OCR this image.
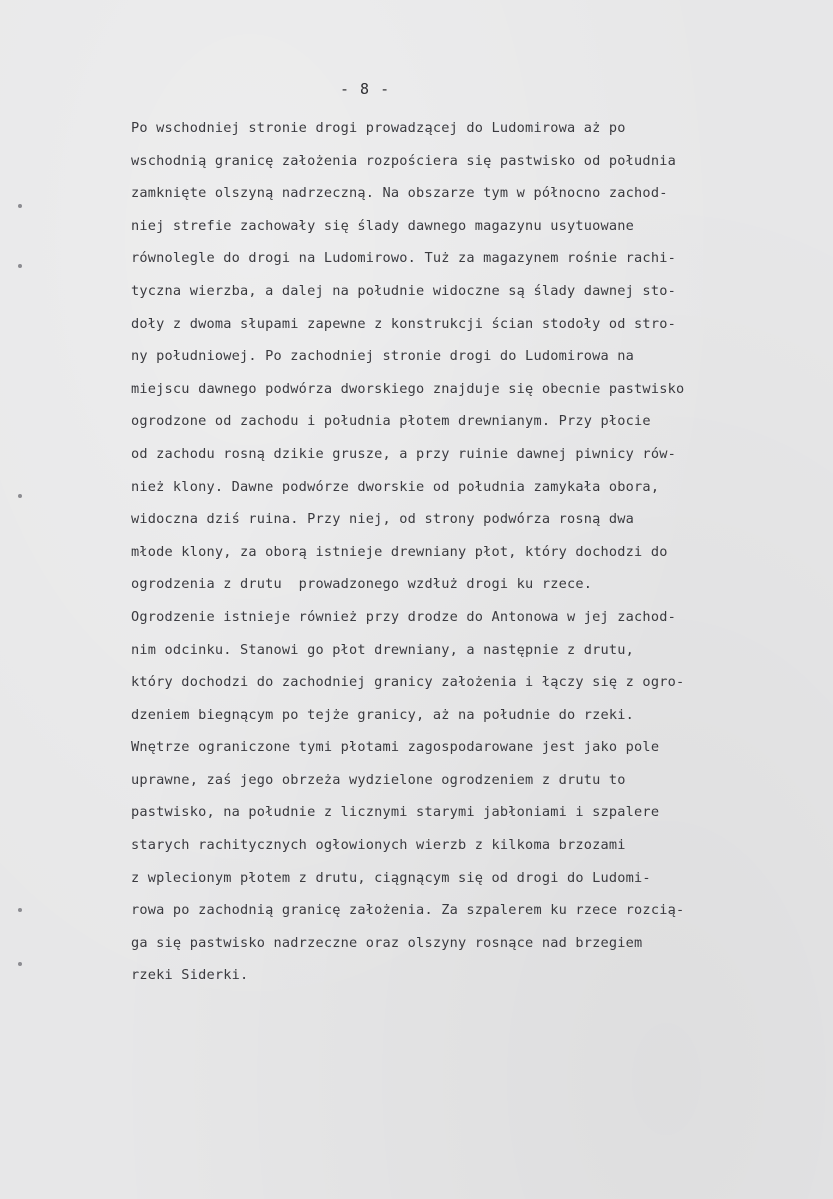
- 8 -
Po wschodniej stronie drogi prowadzącej do Ludomirowa aż po
wschodnią granicę założenia rozpościera się pastwisko od południa
zamknięte olszyną nadrzeczną. Na obszarze tym w północno zachod-
niej strefie zachowały się ślady dawnego magazynu usytuowane
równolegle do drogi na Ludomirowo. Tuż za magazynem rośnie rachi-
tyczna wierzba, a dalej na południe widoczne są ślady dawnej sto-
doły z dwoma słupami zapewne z konstrukcji ścian stodoły od stro-
ny południowej. Po zachodniej stronie drogi do Ludomirowa na
miejscu dawnego podwórza dworskiego znajduje się obecnie pastwisko
ogrodzone od zachodu i południa płotem drewnianym. Przy płocie
od zachodu rosną dzikie grusze, a przy ruinie dawnej piwnicy rów-
nież klony. Dawne podwórze dworskie od południa zamykała obora,
widoczna dziś ruina. Przy niej, od strony podwórza rosną dwa
młode klony, za oborą istnieje drewniany płot, który dochodzi do
ogrodzenia z drutu  prowadzonego wzdłuż drogi ku rzece.
Ogrodzenie istnieje również przy drodze do Antonowa w jej zachod-
nim odcinku. Stanowi go płot drewniany, a następnie z drutu,
który dochodzi do zachodniej granicy założenia i łączy się z ogro-
dzeniem biegnącym po tejże granicy, aż na południe do rzeki.
Wnętrze ograniczone tymi płotami zagospodarowane jest jako pole
uprawne, zaś jego obrzeża wydzielone ogrodzeniem z drutu to
pastwisko, na południe z licznymi starymi jabłoniami i szpalere
starych rachitycznych ogłowionych wierzb z kilkoma brzozami
z wplecionym płotem z drutu, ciągnącym się od drogi do Ludomi-
rowa po zachodnią granicę założenia. Za szpalerem ku rzece rozcią-
ga się pastwisko nadrzeczne oraz olszyny rosnące nad brzegiem
rzeki Siderki.
